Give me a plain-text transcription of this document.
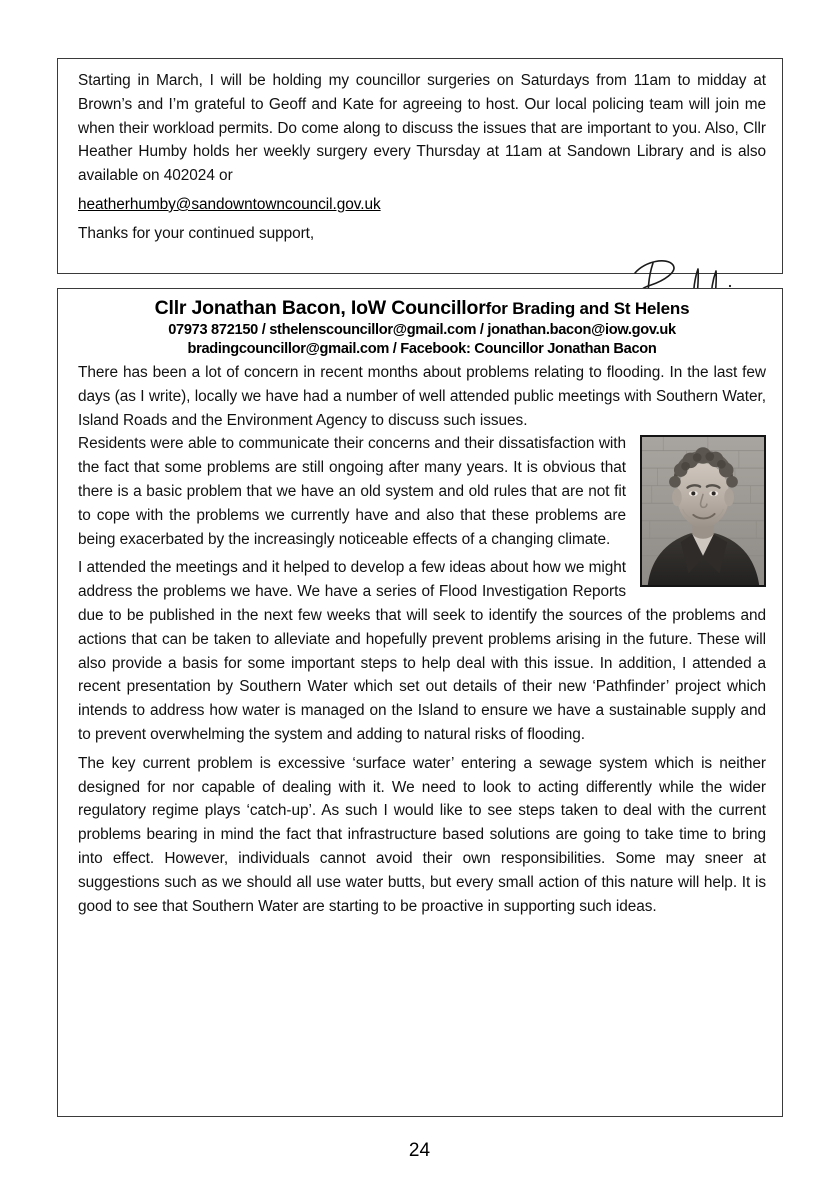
Starting in March, I will be holding my councillor surgeries on Saturdays from 11am to midday at Brown’s and I’m grateful to Geoff and Kate for agreeing to host. Our local policing team will join me when their workload permits. Do come along to discuss the issues that are important to you. Also, Cllr Heather Humby holds her weekly surgery every Thursday at 11am at Sandown Library and is also available on 402024 or

heatherhumby@sandowntowncouncil.gov.uk
Thanks for your continued support,
Cllr Jonathan Bacon, IoW Councillorfor Brading and St Helens
07973 872150 / sthelenscouncillor@gmail.com / jonathan.bacon@iow.gov.uk
bradingcouncillor@gmail.com / Facebook: Councillor Jonathan Bacon

There has been a lot of concern in recent months about problems relating to flooding. In the last few days (as I write), locally we have had a number of well attended public meetings with Southern Water, Island Roads and the Environment Agency to discuss such issues.

Residents were able to communicate their concerns and their dissatisfaction with the fact that some problems are still ongoing after many years. It is obvious that there is a basic problem that we have an old system and old rules that are not fit to cope with the problems we currently have and also that these problems are being exacerbated by the increasingly noticeable effects of a changing climate.

I attended the meetings and it helped to develop a few ideas about how we might address the problems we have. We have a series of Flood Investigation Reports due to be published in the next few weeks that will seek to identify the sources of the problems and actions that can be taken to alleviate and hopefully prevent problems arising in the future. These will also provide a basis for some important steps to help deal with this issue. In addition, I attended a recent presentation by Southern Water which set out details of their new ‘Pathfinder’ project which intends to address how water is managed on the Island to ensure we have a sustainable supply and to prevent overwhelming the system and adding to natural risks of flooding.

The key current problem is excessive ‘surface water’ entering a sewage system which is neither designed for nor capable of dealing with it. We need to look to acting differently while the wider regulatory regime plays ‘catch-up’. As such I would like to see steps taken to deal with the current problems bearing in mind the fact that infrastructure based solutions are going to take time to bring into effect. However, individuals cannot avoid their own responsibilities. Some may sneer at suggestions such as we should all use water butts, but every small action of this nature will help. It is good to see that Southern Water are starting to be proactive in supporting such ideas.

24
